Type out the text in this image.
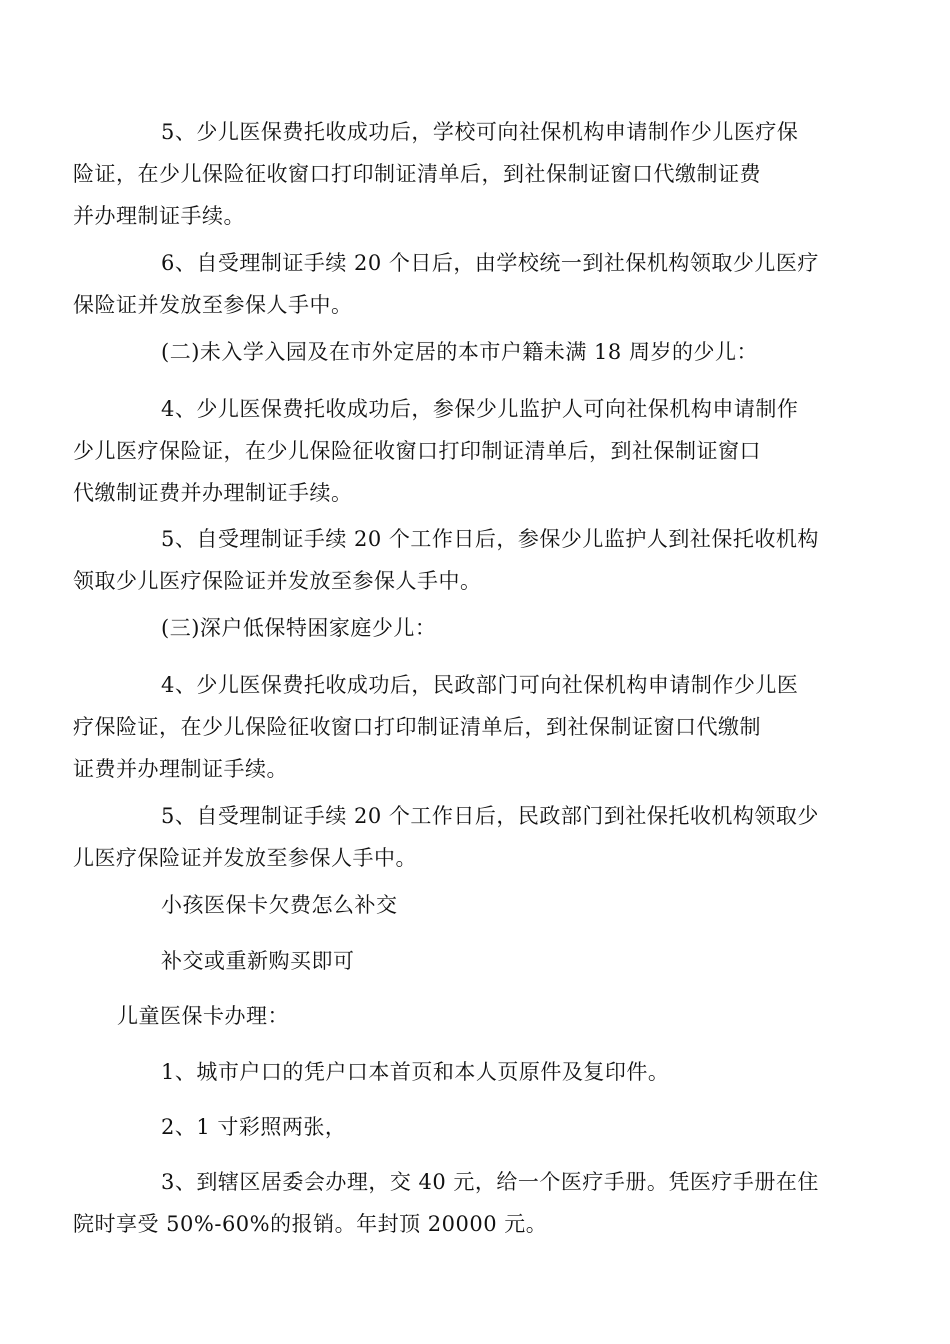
5、少儿医保费托收成功后，学校可向社保机构申请制作少儿医疗保
险证，在少儿保险征收窗口打印制证清单后，到社保制证窗口代缴制证费
并办理制证手续。

6、自受理制证手续 20 个日后，由学校统一到社保机构领取少儿医疗
保险证并发放至参保人手中。

(二)未入学入园及在市外定居的本市户籍未满 18 周岁的少儿：

4、少儿医保费托收成功后，参保少儿监护人可向社保机构申请制作
少儿医疗保险证，在少儿保险征收窗口打印制证清单后，到社保制证窗口
代缴制证费并办理制证手续。

5、自受理制证手续 20 个工作日后，参保少儿监护人到社保托收机构
领取少儿医疗保险证并发放至参保人手中。

(三)深户低保特困家庭少儿：

4、少儿医保费托收成功后，民政部门可向社保机构申请制作少儿医
疗保险证，在少儿保险征收窗口打印制证清单后，到社保制证窗口代缴制
证费并办理制证手续。

5、自受理制证手续 20 个工作日后，民政部门到社保托收机构领取少
儿医疗保险证并发放至参保人手中。

小孩医保卡欠费怎么补交

补交或重新购买即可

儿童医保卡办理：

1、城市户口的凭户口本首页和本人页原件及复印件。

2、1 寸彩照两张，

3、到辖区居委会办理，交 40 元，给一个医疗手册。凭医疗手册在住
院时享受 50%-60%的报销。年封顶 20000 元。
